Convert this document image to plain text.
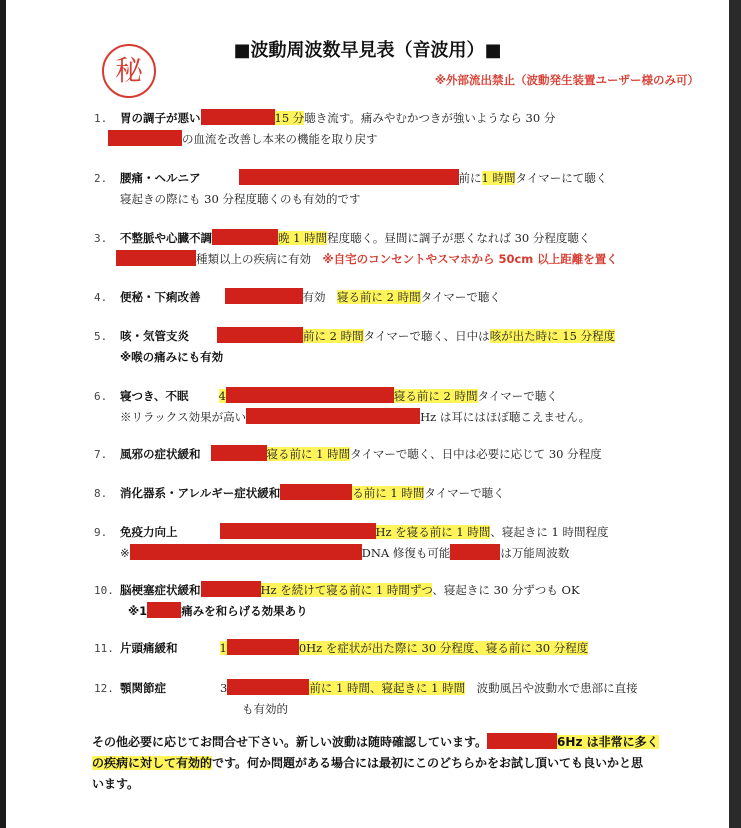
秘
■波動周波数早見表（音波用）■
※外部流出禁止（波動発生装置ユーザー様のみ可）
1. 胃の調子が悪い	15 分聴き流す。痛みやむかつきが強いようなら 30 分
の血流を改善し本来の機能を取り戻す
2. 腰痛・ヘルニア	前に1 時間タイマーにて聴く
寝起きの際にも 30 分程度聴くのも有効的です
3. 不整脈や心臓不調	晩 1 時間程度聴く。昼間に調子が悪くなれば 30 分程度聴く
種類以上の疾病に有効　 ※自宅のコンセントやスマホから 50cm 以上距離を置く
4. 便秘・下痢改善	有効　 寝る前に 2 時間タイマーで聴く
5. 咳・気管支炎	前に 2 時間タイマーで聴く、日中は咳が出た時に 15 分程度
※喉の痛みにも有効
6. 寝つき、不眠	4	寝る前に 2 時間タイマーで聴く
※リラックス効果が高い	Hz は耳にはほぼ聴こえません。
7. 風邪の症状緩和	寝る前に 1 時間タイマーで聴く、日中は必要に応じて 30 分程度
8. 消化器系・アレルギー症状緩和	る前に 1 時間タイマーで聴く
9. 免疫力向上	Hz を寝る前に 1 時間、寝起きに 1 時間程度
※	DNA 修復も可能	は万能周波数
10. 脳梗塞症状緩和	Hz を続けて寝る前に 1 時間ずつ、寝起きに 30 分ずつも OK
※1	痛みを和らげる効果あり
11. 片頭痛緩和	1	0Hz を症状が出た際に 30 分程度、寝る前に 30 分程度
12. 顎関節症	3	前に 1 時間、寝起きに 1 時間　 波動風呂や波動水で患部に直接
も有効的
その他必要に応じてお問合せ下さい。新しい波動は随時確認しています。	6Hz は非常に多く
の疾病に対して有効的です。何か問題がある場合には最初にこのどちらかをお試し頂いても良いかと思
います。
